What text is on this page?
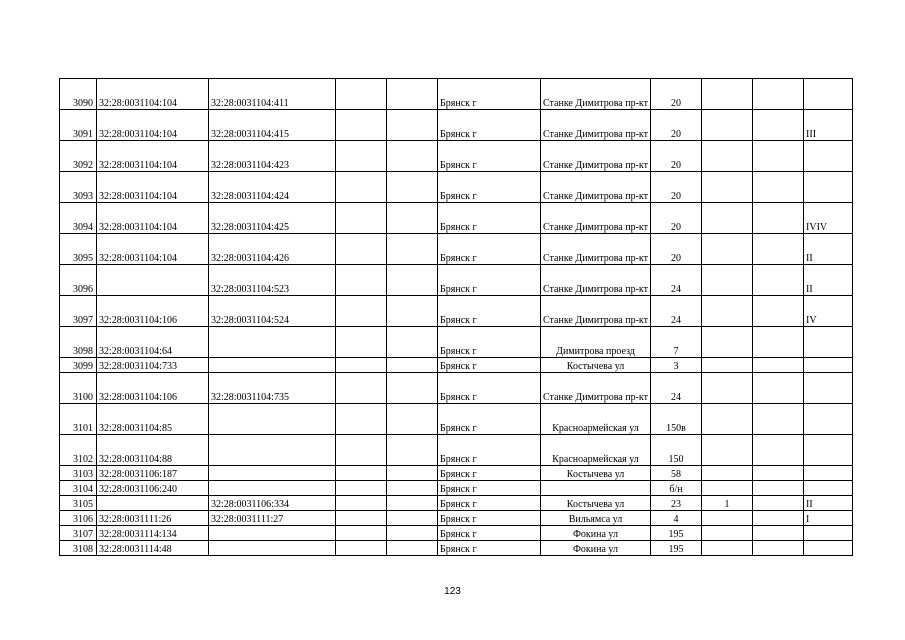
3090	32:28:0031104:104	32:28:0031104:411			Брянск г	Станке Димитрова пр-кт	20			
3091	32:28:0031104:104	32:28:0031104:415			Брянск г	Станке Димитрова пр-кт	20			III
3092	32:28:0031104:104	32:28:0031104:423			Брянск г	Станке Димитрова пр-кт	20			
3093	32:28:0031104:104	32:28:0031104:424			Брянск г	Станке Димитрова пр-кт	20			
3094	32:28:0031104:104	32:28:0031104:425			Брянск г	Станке Димитрова пр-кт	20			IVIV
3095	32:28:0031104:104	32:28:0031104:426			Брянск г	Станке Димитрова пр-кт	20			II
3096		32:28:0031104:523			Брянск г	Станке Димитрова пр-кт	24			II
3097	32:28:0031104:106	32:28:0031104:524			Брянск г	Станке Димитрова пр-кт	24			IV
3098	32:28:0031104:64				Брянск г	Димитрова проезд	7			
3099	32:28:0031104:733				Брянск г	Костычева ул	3			
3100	32:28:0031104:106	32:28:0031104:735			Брянск г	Станке Димитрова пр-кт	24			
3101	32:28:0031104:85				Брянск г	Красноармейская ул	150в			
3102	32:28:0031104:88				Брянск г	Красноармейская ул	150			
3103	32:28:0031106:187				Брянск г	Костычева ул	58			
3104	32:28:0031106:240				Брянск г		б/н			
3105		32:28:0031106:334			Брянск г	Костычева ул	23	1		II
3106	32:28:0031111:26	32:28:0031111:27			Брянск г	Вильямса ул	4			I
3107	32:28:0031114:134				Брянск г	Фокина ул	195			
3108	32:28:0031114:48				Брянск г	Фокина ул	195			
123
